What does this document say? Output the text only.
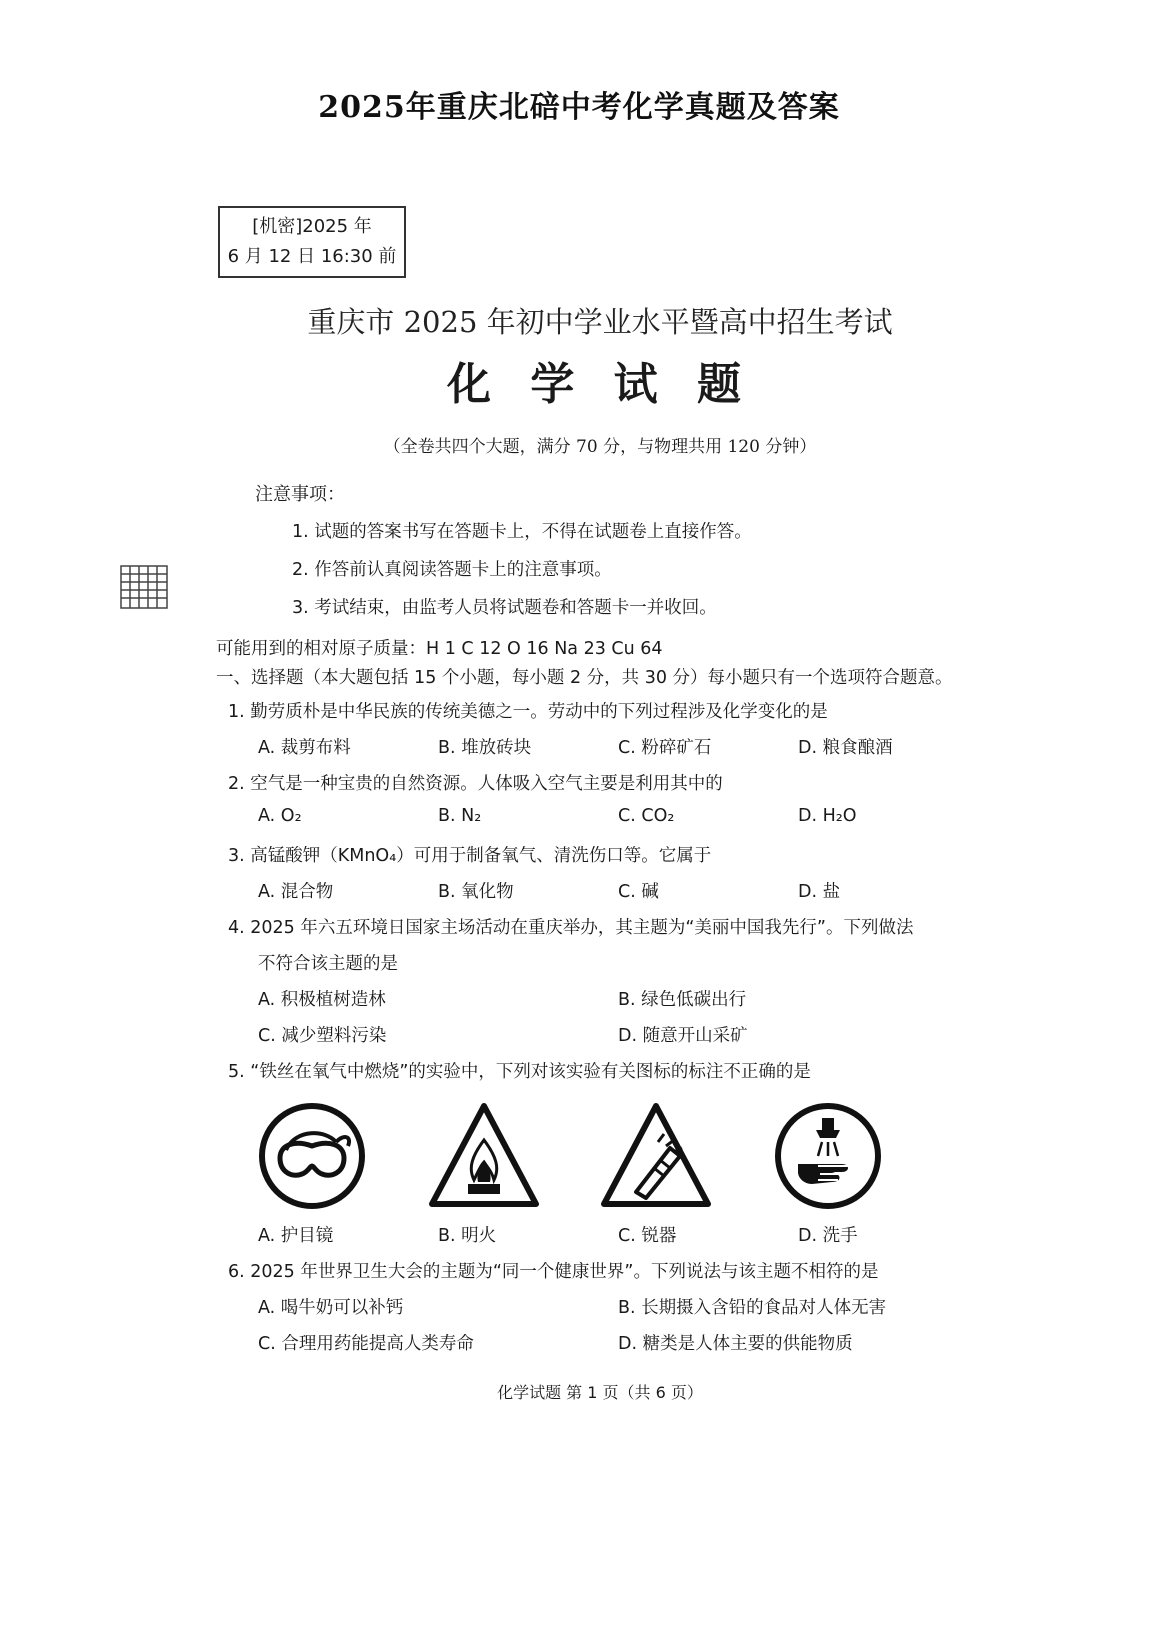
2025年重庆北碚中考化学真题及答案
[机密]2025 年
6 月 12 日 16:30 前
重庆市 2025 年初中学业水平暨高中招生考试
化 学 试 题
（全卷共四个大题，满分 70 分，与物理共用 120 分钟）
注意事项：
1. 试题的答案书写在答题卡上，不得在试题卷上直接作答。
2. 作答前认真阅读答题卡上的注意事项。
3. 考试结束，由监考人员将试题卷和答题卡一并收回。
可能用到的相对原子质量：H 1 C 12 O 16 Na 23 Cu 64
一、选择题（本大题包括 15 个小题，每小题 2 分，共 30 分）每小题只有一个选项符合题意。
1. 勤劳质朴是中华民族的传统美德之一。劳动中的下列过程涉及化学变化的是
A. 裁剪布料	B. 堆放砖块	C. 粉碎矿石	D. 粮食酿酒
2. 空气是一种宝贵的自然资源。人体吸入空气主要是利用其中的
A. O₂	B. N₂	C. CO₂	D. H₂O
3. 高锰酸钾（KMnO₄）可用于制备氧气、清洗伤口等。它属于
A. 混合物	B. 氧化物	C. 碱	D. 盐
4. 2025 年六五环境日国家主场活动在重庆举办，其主题为“美丽中国我先行”。下列做法
不符合该主题的是
A. 积极植树造林	B. 绿色低碳出行
C. 减少塑料污染	D. 随意开山采矿
5. “铁丝在氧气中燃烧”的实验中，下列对该实验有关图标的标注不正确的是
A. 护目镜	B. 明火	C. 锐器	D. 洗手
6. 2025 年世界卫生大会的主题为“同一个健康世界”。下列说法与该主题不相符的是
A. 喝牛奶可以补钙	B. 长期摄入含铅的食品对人体无害
C. 合理用药能提高人类寿命	D. 糖类是人体主要的供能物质
化学试题 第 1 页（共 6 页）
